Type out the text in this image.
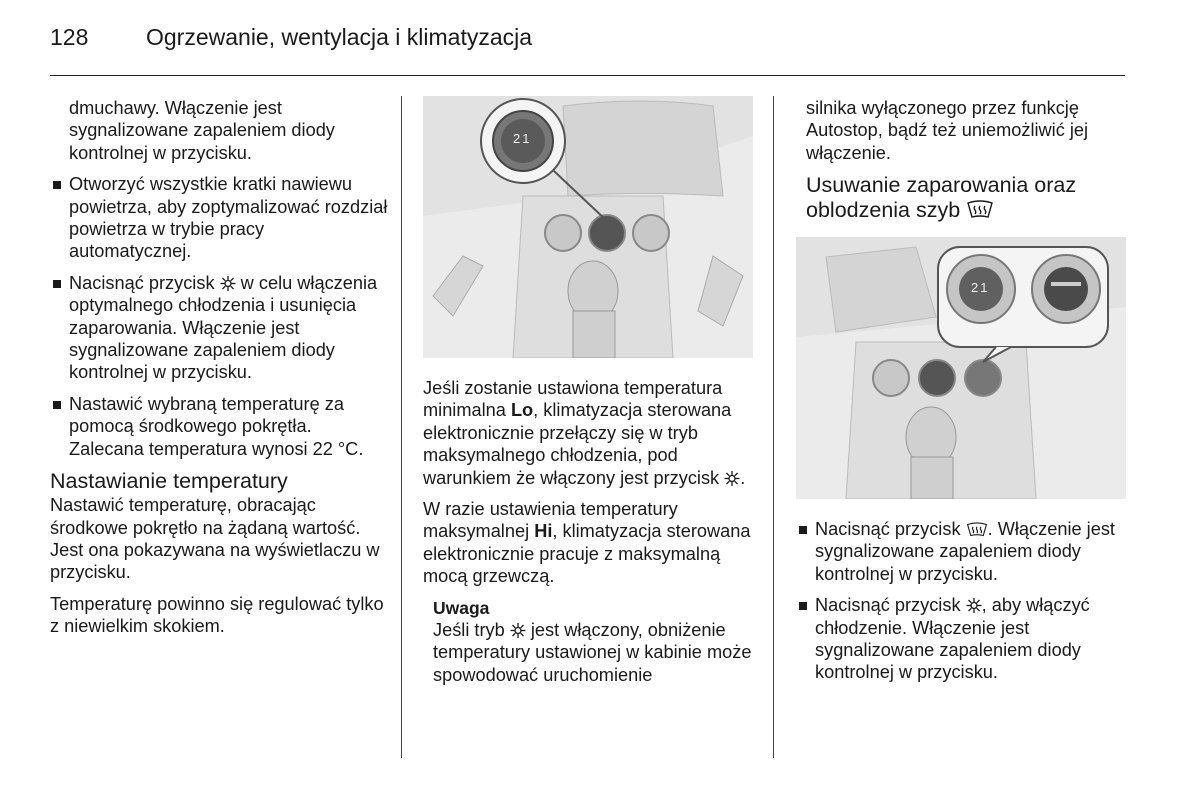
128	Ogrzewanie, wentylacja i klimatyzacja

dmuchawy. Włączenie jest sygnalizowane zapaleniem diody kontrolnej w przycisku.

Otworzyć wszystkie kratki nawiewu powietrza, aby zoptymalizować rozdział powietrza w trybie pracy automatycznej.
Nacisnąć przycisk w celu włączenia optymalnego chłodzenia i usunięcia zaparowania. Włączenie jest sygnalizowane zapaleniem diody kontrolnej w przycisku.
Nastawić wybraną temperaturę za pomocą środkowego pokrętła. Zalecana temperatura wynosi 22 °C.
Nastawianie temperatury

Nastawić temperaturę, obracając środkowe pokrętło na żądaną wartość. Jest ona pokazywana na wyświetlaczu w przycisku.

Temperaturę powinno się regulować tylko z niewielkim skokiem.

21

Jeśli zostanie ustawiona temperatura minimalna Lo, klimatyzacja sterowana elektronicznie przełączy się w tryb maksymalnego chłodzenia, pod warunkiem że włączony jest przycisk .

W razie ustawienia temperatury maksymalnej Hi, klimatyzacja sterowana elektronicznie pracuje z maksymalną mocą grzewczą.

Uwaga
Jeśli tryb jest włączony, obniżenie temperatury ustawionej w kabinie może spowodować uruchomienie

silnika wyłączonego przez funkcję Autostop, bądź też uniemożliwić jej włączenie.

Usuwanie zaparowania oraz
oblodzenia szyb
21
Nacisnąć przycisk . Włączenie jest sygnalizowane zapaleniem diody kontrolnej w przycisku.
Nacisnąć przycisk , aby włączyć chłodzenie. Włączenie jest sygnalizowane zapaleniem diody kontrolnej w przycisku.
